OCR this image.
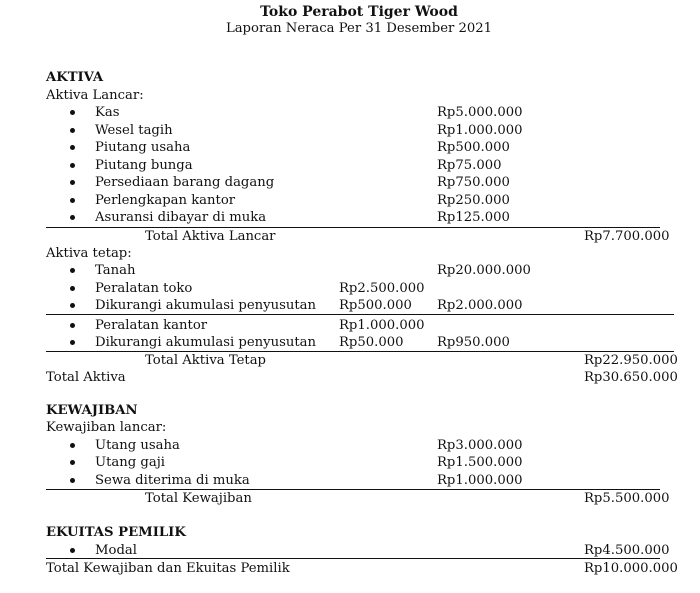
Toko Perabot Tiger Wood
Laporan Neraca Per 31 Desember 2021
AKTIVA
Aktiva Lancar:
Kas	Rp5.000.000
Wesel tagih	Rp1.000.000
Piutang usaha	Rp500.000
Piutang bunga	Rp75.000
Persediaan barang dagang	Rp750.000
Perlengkapan kantor	Rp250.000
Asuransi dibayar di muka	Rp125.000
Total Aktiva Lancar	Rp7.700.000
Aktiva tetap:
Tanah	Rp20.000.000
Peralatan toko	Rp2.500.000
Dikurangi akumulasi penyusutan Rp500.000 Rp2.000.000
Peralatan kantor	Rp1.000.000
Dikurangi akumulasi penyusutan Rp50.000	Rp950.000
Total Aktiva Tetap	Rp22.950.000
Total Aktiva	Rp30.650.000
KEWAJIBAN
Kewajiban lancar:
Utang usaha	Rp3.000.000
Utang gaji	Rp1.500.000
Sewa diterima di muka	Rp1.000.000
Total Kewajiban	Rp5.500.000
EKUITAS PEMILIK
Modal	Rp4.500.000
Total Kewajiban dan Ekuitas Pemilik	Rp10.000.000
